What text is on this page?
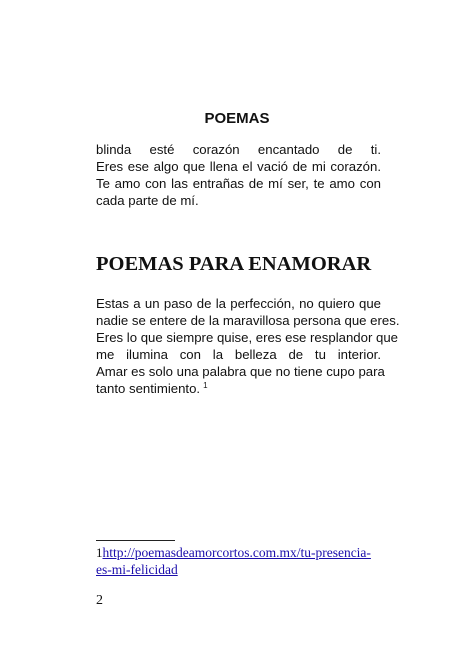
POEMAS
blinda esté corazón encantado de ti.
Eres ese algo que llena el vació de mi corazón.
Te amo con las entrañas de mí ser, te amo con
cada parte de mí.
POEMAS PARA ENAMORAR
Estas a un paso de la perfección, no quiero que
nadie se entere de la maravillosa persona que eres.
Eres lo que siempre quise, eres ese resplandor que
me ilumina con la belleza de tu interior.
Amar es solo una palabra que no tiene cupo para
tanto sentimiento. $^1$
1http://poemasdeamorcortos.com.mx/tu-presencia-
es-mi-felicidad
2
